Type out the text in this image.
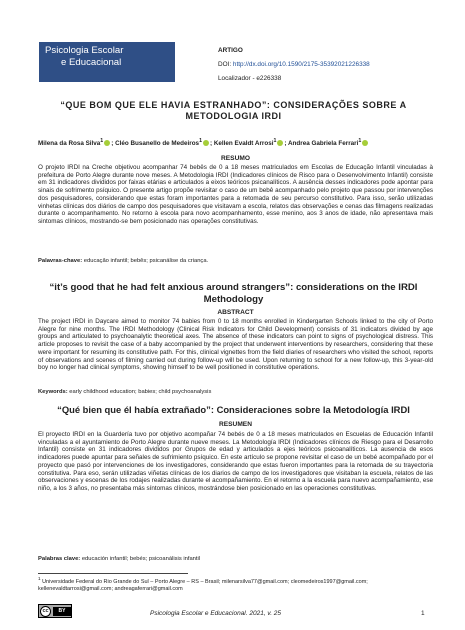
Psicologia Escolar
e Educacional
ARTIGO
DOI: http://dx.doi.org/10.1590/2175-35392021226338
Localizador - e226338
“QUE BOM QUE ELE HAVIA ESTRANHADO”: CONSIDERAÇÕES SOBRE A METODOLOGIA IRDI
Milena da Rosa Silva$^1$ ; Cléo Busanello de Medeiros$^1$ ; Kellen Evaldt Arrosi$^1$ ; Andrea Gabriela Ferrari$^1$
RESUMO
O projeto IRDI na Creche objetivou acompanhar 74 bebês de 0 a 18 meses matriculados em Escolas de Educação Infantil vinculadas à prefeitura de Porto Alegre durante nove meses. A Metodologia IRDI (Indicadores clínicos de Risco para o Desenvolvimento Infantil) consiste em 31 indicadores divididos por faixas etárias e articulados a eixos teóricos psicanalíticos. A ausência desses indicadores pode apontar para sinais de sofrimento psíquico. O presente artigo propõe revisitar o caso de um bebê acompanhado pelo projeto que passou por intervenções dos pesquisadores, considerando que estas foram importantes para a retomada de seu percurso constitutivo. Para isso, serão utilizadas vinhetas clínicas dos diários de campo dos pesquisadores que visitavam a escola, relatos das observações e cenas das filmagens realizadas durante o acompanhamento. No retorno à escola para novo acompanhamento, esse menino, aos 3 anos de idade, não apresentava mais sintomas clínicos, mostrando-se bem posicionado nas operações constitutivas.
Palavras-chave: educação infantil; bebês; psicanálise da criança.
“it’s good that he had felt anxious around strangers”: considerations on the IRDI Methodology
ABSTRACT
The project IRDI in Daycare aimed to monitor 74 babies from 0 to 18 months enrolled in Kindergarten Schools linked to the city of Porto Alegre for nine months. The IRDI Methodology (Clinical Risk Indicators for Child Development) consists of 31 indicators divided by age groups and articulated to psychoanalytic theoretical axes. The absence of these indicators can point to signs of psychological distress. This article proposes to revisit the case of a baby accompanied by the project that underwent interventions by researchers, considering that these were important for resuming its constitutive path. For this, clinical vignettes from the field diaries of researchers who visited the school, reports of observations and scenes of filming carried out during follow-up will be used. Upon returning to school for a new follow-up, this 3-year-old boy no longer had clinical symptoms, showing himself to be well positioned in constitutive operations.
Keywords: early childhood education; babies; child psychoanalysis
“Qué bien que él había extrañado”: Consideraciones sobre la Metodología IRDI
RESUMEN
El proyecto IRDI en la Guardería tuvo por objetivo acompañar 74 bebés de 0 a 18 meses matriculados en Escuelas de Educación Infantil vinculadas a el ayuntamiento de Porto Alegre durante nueve meses. La Metodología IRDI (Indicadores clínicos de Riesgo para el Desarrollo Infantil) consiste en 31 indicadores divididos por Grupos de edad y articulados a ejes teóricos psicoanalíticos. La ausencia de esos indicadores puede apuntar para señales de sufrimiento psíquico. En este artículo se propone revisitar el caso de un bebé acompañado por el proyecto que pasó por intervenciones de los investigadores, considerando que estas fueron importantes para la retomada de su trayectoria constitutiva. Para eso, serán utilizadas viñetas clínicas de los diarios de campo de los investigadores que visitaban la escuela, relatos de las observaciones y escenas de los rodajes realizadas durante el acompañamiento. En el retorno a la escuela para nuevo acompañamiento, ese niño, a los 3 años, no presentaba más síntomas clínicos, mostrándose bien posicionado en las operaciones constitutivas.
Palabras clave: educación infantil; bebés; psicoanálisis infantil
$^1$ Universidade Federal do Rio Grande do Sul – Porto Alegre – RS – Brasil; milenarsilva77@gmail.com; cleomedeiros1997@gmail.com; kellenevaldtarrosi@gmail.com; andreagaferrari@gmail.com
cc	BY	Psicologia Escolar e Educacional. 2021, v. 25	1
